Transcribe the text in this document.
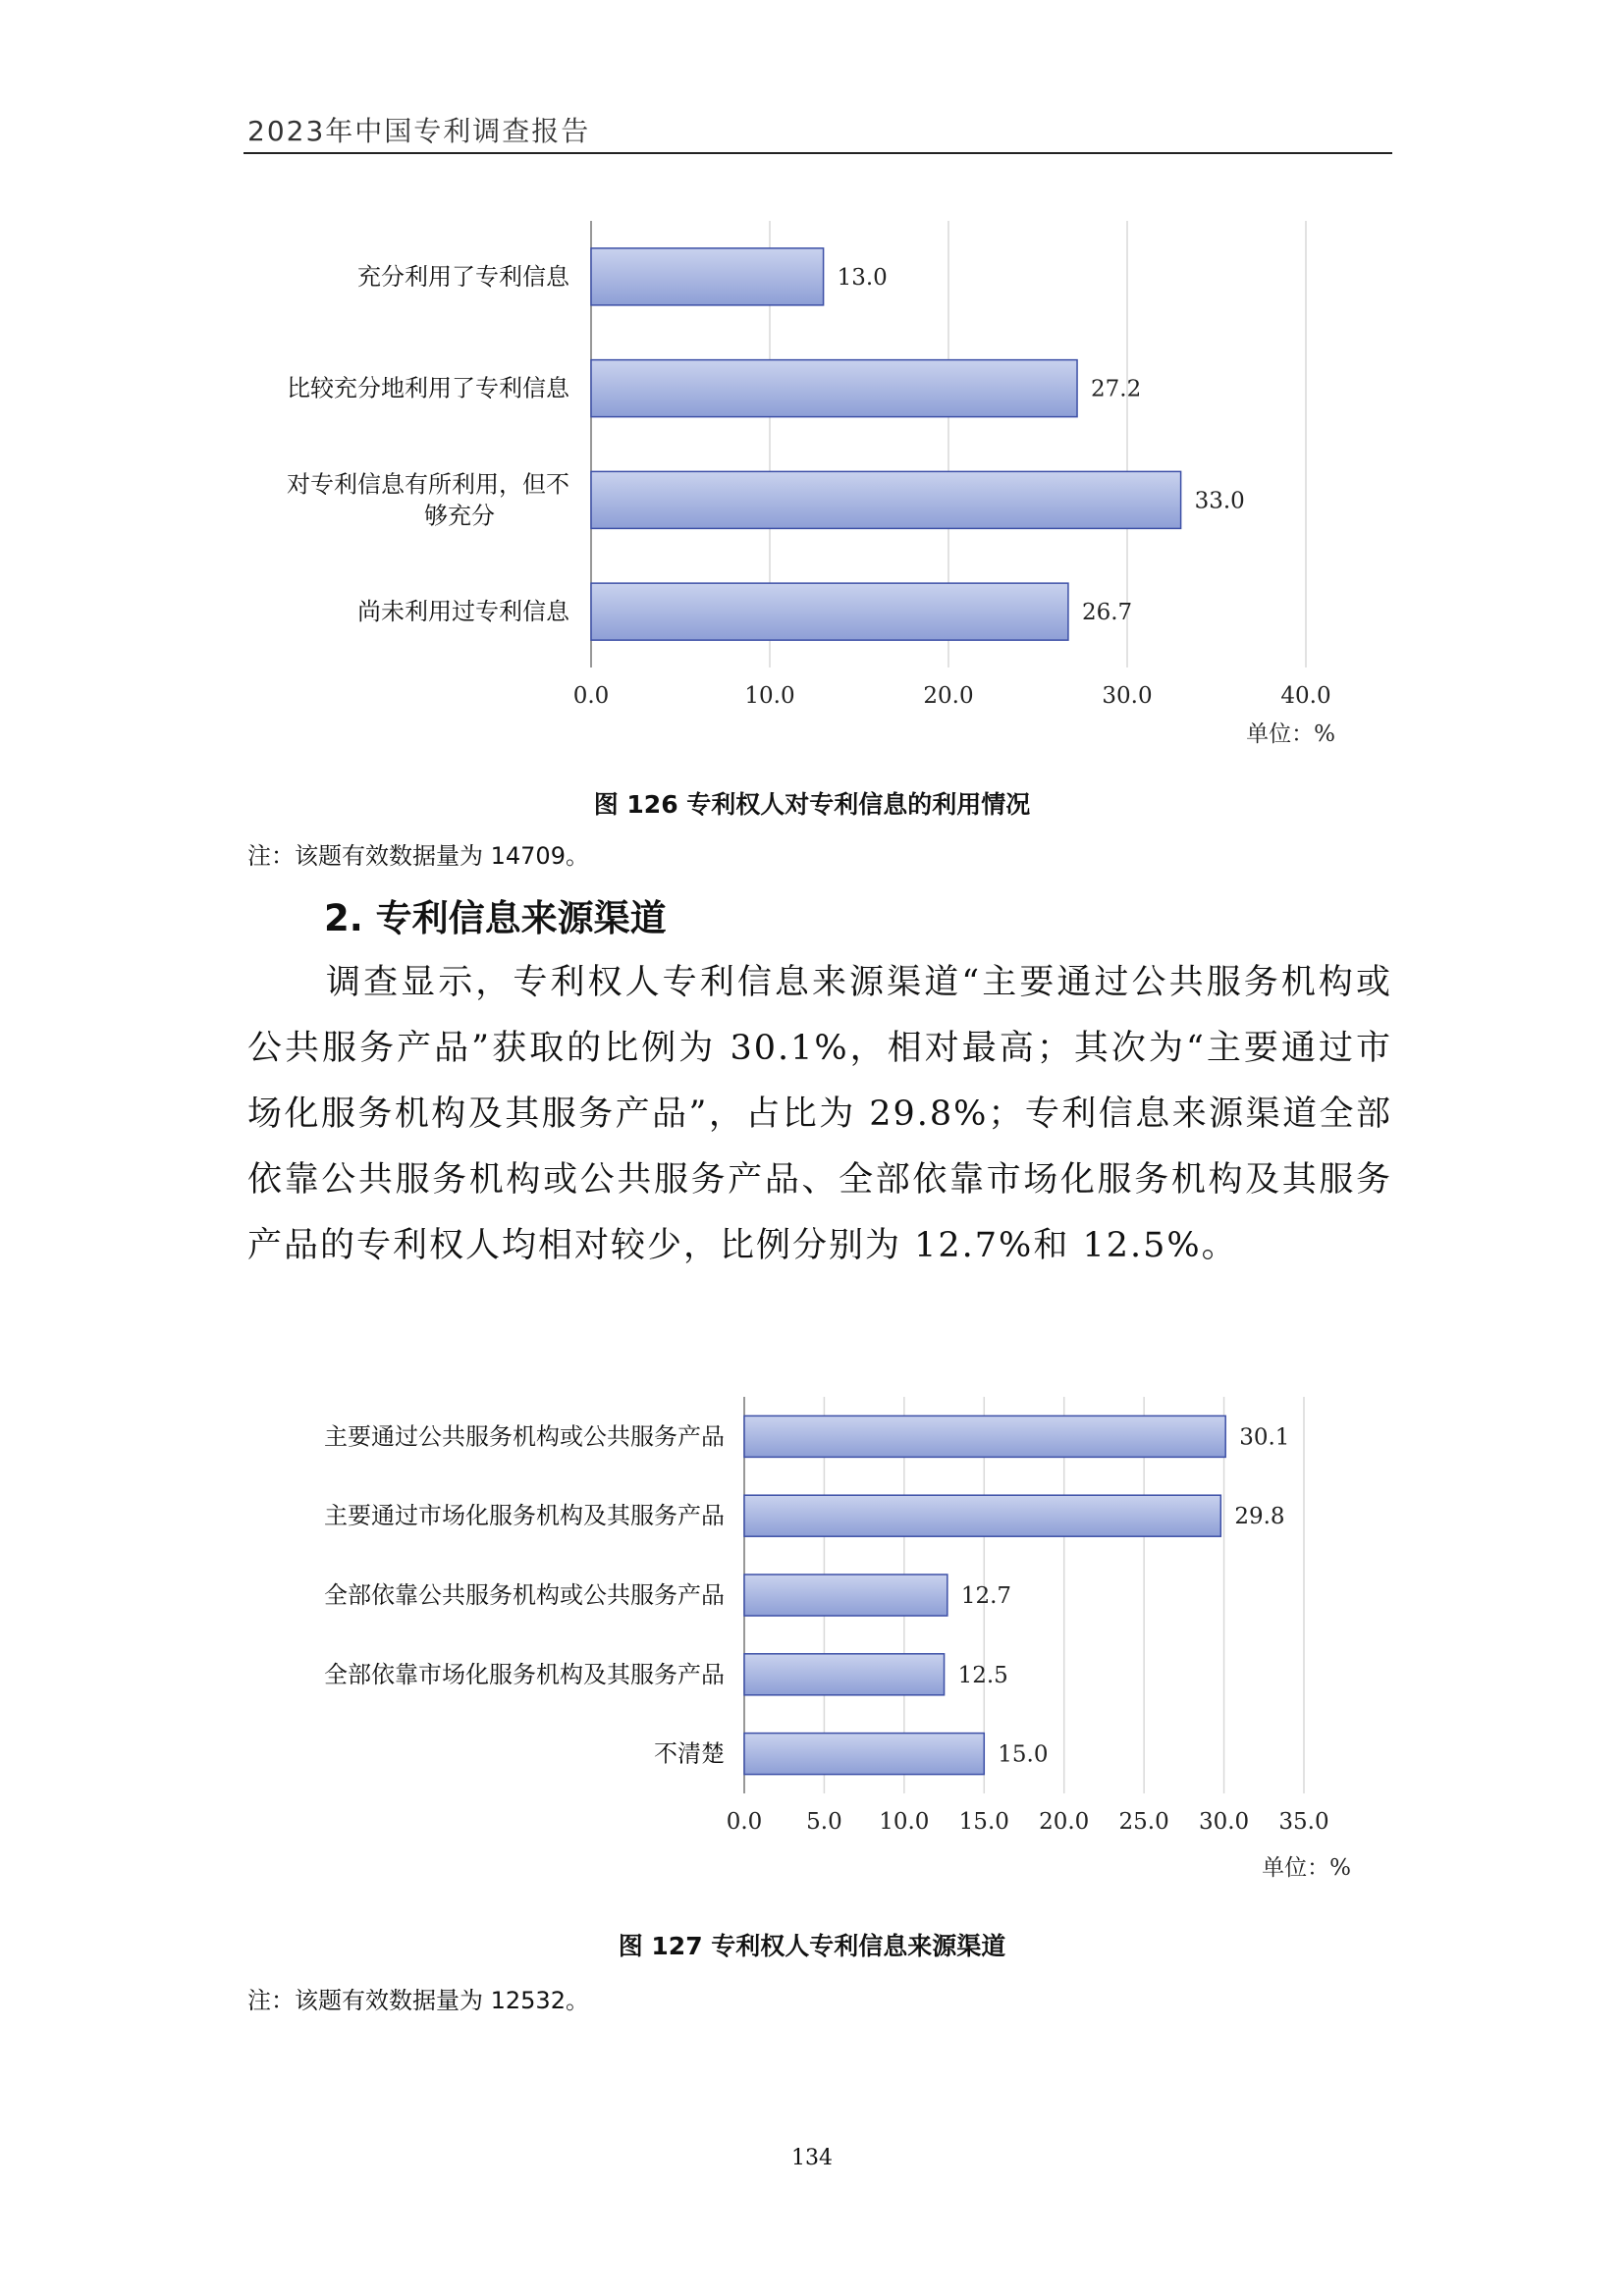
2023年中国专利调查报告
0.0	10.0	20.0	30.0	40.0
13.0
充分利用了专利信息
27.2
比较充分地利用了专利信息
33.0
对专利信息有所利用，但不
够充分
26.7
尚未利用过专利信息
单位：%
图 126 专利权人对专利信息的利用情况
注：该题有效数据量为 14709。
2. 专利信息来源渠道
调查显示，专利权人专利信息来源渠道“主要通过公共服务机构或公共服务产品”获取的比例为 30.1%，相对最高；其次为“主要通过市场化服务机构及其服务产品”，占比为 29.8%；专利信息来源渠道全部依靠公共服务机构或公共服务产品、全部依靠市场化服务机构及其服务产品的专利权人均相对较少，比例分别为 12.7%和 12.5%。
0.0 5.0 10.0 15.0 20.0 25.0 30.0 35.0
30.1
主要通过公共服务机构或公共服务产品
29.8
主要通过市场化服务机构及其服务产品
12.7
全部依靠公共服务机构或公共服务产品
12.5
全部依靠市场化服务机构及其服务产品
15.0
不清楚
单位：%
图 127 专利权人专利信息来源渠道
注：该题有效数据量为 12532。
134
